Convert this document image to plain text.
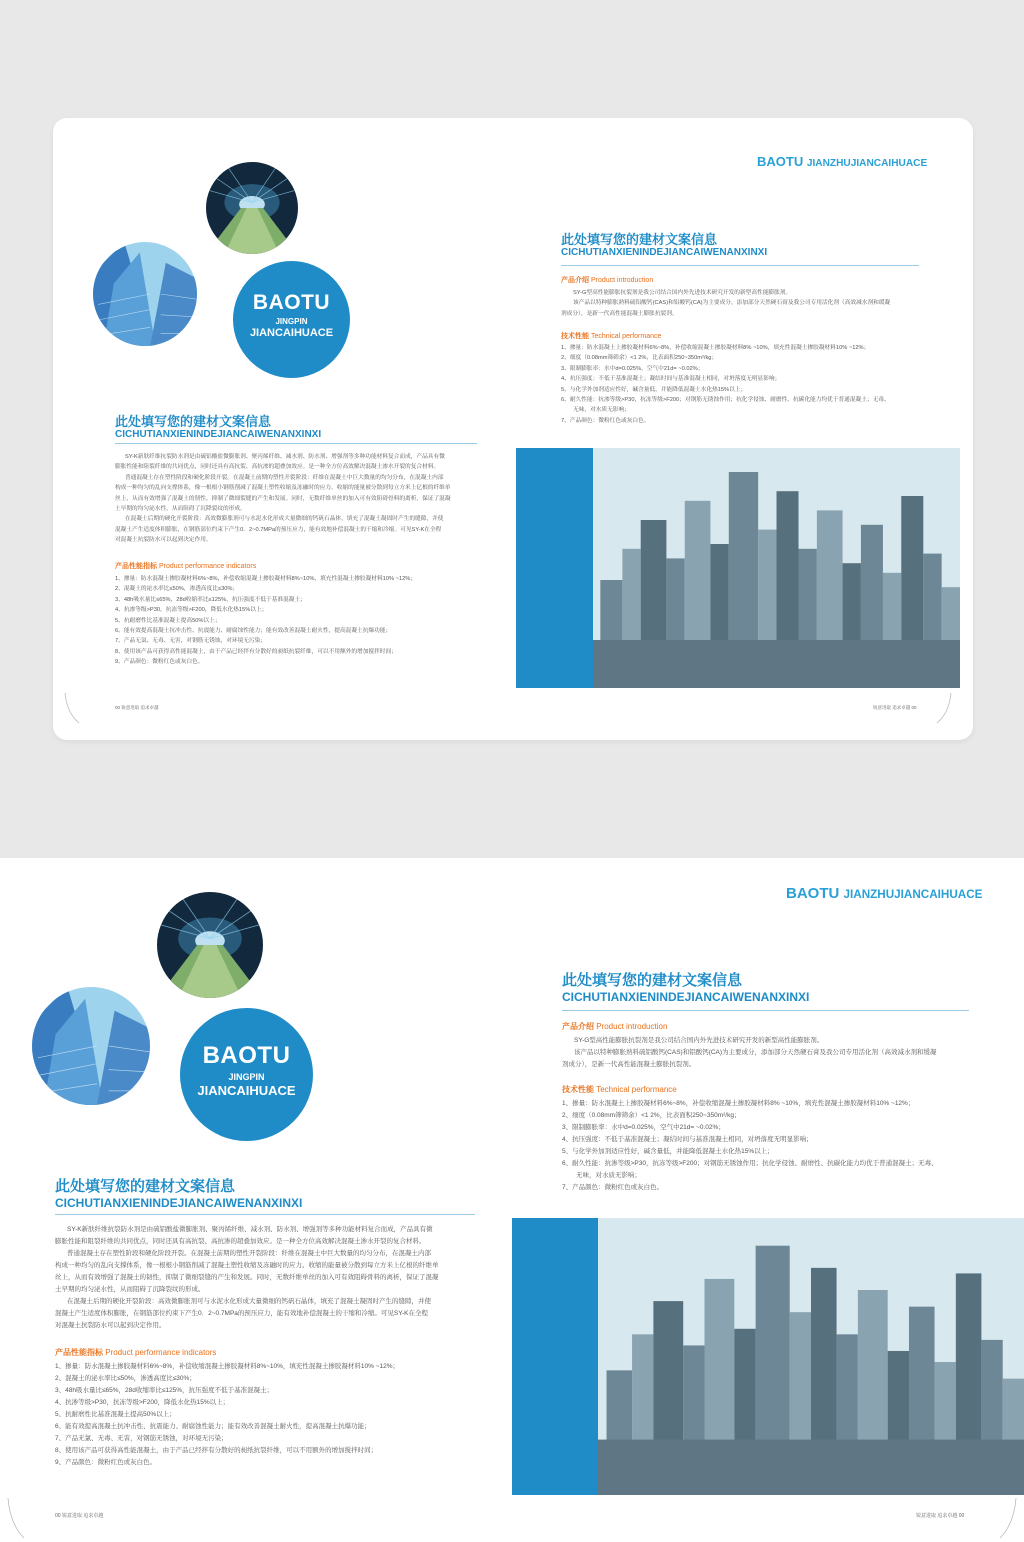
BAOTU JIANZHUJIANCAIHUACE
BAOTU
JINGPIN
JIANCAIHUACE
此处填写您的建材文案信息
CICHUTIANXIENINDEJIANCAIWENANXINXI

SY-K新肤纤维抗裂防水剂是由硫铝酸盐微膨胀剂、聚丙烯纤维、减水剂、防水剂、增强剂等多种功能材料复合而成，产品具有微

膨胀性能和阻裂纤维的共同优点，同时还具有高抗裂、高抗渗的超叠加效应。是一种全方位高效解决混凝土渗水开裂的复合材料。

普通混凝土存在塑性阶段和硬化阶段开裂。在混凝土前期的塑性开裂阶段：纤维在混凝土中巨大数量的均匀分布，在混凝土内部

构成一种均匀的乱向支撑体系，像一根根小钢筋削减了混凝土塑性收缩及冻融时的应力。收缩的能量被分散到每立方米上亿根的纤维单

丝上，从而有效增强了混凝土的韧性，抑制了微细裂缝的产生和发展。同时，无数纤维单丝的加入可有效阻碍骨料的离析，保证了混凝

土早期的均匀泌水性，从而阻碍了沉降裂纹的形成。

在混凝土后期的硬化开裂阶段：高效微膨胀剂可与水泥水化形成大量微细的钙矾石晶体，填充了混凝土凝固时产生的缝隙，并使

混凝土产生适度体积膨胀，在钢筋部位约束下产生0．2~0.7MPa的预压应力，能有效地补偿混凝土的干缩和冷缩。可见SY-K在全程

对混凝土抗裂防水可以起到决定作用。

产品性能指标 Product performance indicators

1、掺量：防水混凝土掺胶凝材料6%~8%，补偿收缩混凝土掺胶凝材料8%~10%，填充性混凝土掺胶凝材料10% ~12%；

2、混凝土的泌水率比≤50%，渗透高度比≤30%；

3、48h吸水量比≤65%，28d收缩率比≤125%，抗压强度不低于基准混凝土；

4、抗渗等级>P30，抗冻等级>F200，降低水化热15%以上；

5、抗耐磨性比基准混凝土提高50%以上；

6、能有效提高混凝土抗冲击性、抗震能力、耐腐蚀性能力；能有效改善混凝土耐火性，提高混凝土抗爆功能；

7、产品无氯、无毒、无害，对钢筋无锈蚀，对环境无污染；

8、使用该产品可获得高性能混凝土，由于产品已经拌有分散好的昶纸抗裂纤维，可以不用额外的增加搅拌时间；

9、产品颜色：微粉红色或灰白色。

00 锐意进取 追求卓越
此处填写您的建材文案信息
CICHUTIANXIENINDEJIANCAIWENANXINXI
产品介绍 Product introduction

SY-G型高性能膨胀抗裂剂是我公司结合国内外先进技术研究开发的新型高性能膨胀剂。

该产品以特种膨胀熟料硫铝酸钙(CAS)和铝酸钙(CA)为主要成分，添加部分天然硬石膏及我公司专用活化剂（高效减水剂和缓凝

剂成分），是新一代高性能混凝土膨胀抗裂剂。

技术性能 Technical performance

1、掺量：防水混凝土上掺胶凝材料6%~8%，补偿收缩混凝土掺胶凝材料8% ~10%，填充性混凝土掺胶凝材料10% ~12%；

2、细度（0.08mm筛筛余）<1 2%，比表面积250~350m²/kg；

3、限制膨胀率：水中d=0.025%，空气中21d= ~0.02%；

4、抗压强度：不低于基准混凝土；凝结时间与基准混凝土相同，对坍落度无明显影响；

5、与化学外加剂适应性好，碱含量低，并能降低混凝土水化热15%以上；

6、耐久性能：抗渗等级>P30，抗冻等级>F200；对钢筋无锈蚀作用；抗化学侵蚀、耐磨性、抗碳化能力均优于普通混凝土；无毒、

无味，对水质无影响；

7、产品颜色：微粉红色或灰白色。

锐意进取 追求卓越 00
BAOTU JIANZHUJIANCAIHUACE
BAOTU
JINGPIN
JIANCAIHUACE
此处填写您的建材文案信息
CICHUTIANXIENINDEJIANCAIWENANXINXI

SY-K新肤纤维抗裂防水剂是由硫铝酸盐微膨胀剂、聚丙烯纤维、减水剂、防水剂、增强剂等多种功能材料复合而成，产品具有微

膨胀性能和阻裂纤维的共同优点，同时还具有高抗裂、高抗渗的超叠加效应。是一种全方位高效解决混凝土渗水开裂的复合材料。

普通混凝土存在塑性阶段和硬化阶段开裂。在混凝土前期的塑性开裂阶段：纤维在混凝土中巨大数量的均匀分布，在混凝土内部

构成一种均匀的乱向支撑体系，像一根根小钢筋削减了混凝土塑性收缩及冻融时的应力。收缩的能量被分散到每立方米上亿根的纤维单

丝上，从而有效增强了混凝土的韧性，抑制了微细裂缝的产生和发展。同时，无数纤维单丝的加入可有效阻碍骨料的离析，保证了混凝

土早期的均匀泌水性，从而阻碍了沉降裂纹的形成。

在混凝土后期的硬化开裂阶段：高效微膨胀剂可与水泥水化形成大量微细的钙矾石晶体，填充了混凝土凝固时产生的缝隙，并使

混凝土产生适度体积膨胀，在钢筋部位约束下产生0．2~0.7MPa的预压应力，能有效地补偿混凝土的干缩和冷缩。可见SY-K在全程

对混凝土抗裂防水可以起到决定作用。

产品性能指标 Product performance indicators

1、掺量：防水混凝土掺胶凝材料6%~8%，补偿收缩混凝土掺胶凝材料8%~10%，填充性混凝土掺胶凝材料10% ~12%；

2、混凝土的泌水率比≤50%，渗透高度比≤30%；

3、48h吸水量比≤65%，28d收缩率比≤125%，抗压强度不低于基准混凝土；

4、抗渗等级>P30，抗冻等级>F200，降低水化热15%以上；

5、抗耐磨性比基准混凝土提高50%以上；

6、能有效提高混凝土抗冲击性、抗震能力、耐腐蚀性能力；能有效改善混凝土耐火性，提高混凝土抗爆功能；

7、产品无氯、无毒、无害，对钢筋无锈蚀，对环境无污染；

8、使用该产品可获得高性能混凝土，由于产品已经拌有分散好的昶纸抗裂纤维，可以不用额外的增加搅拌时间；

9、产品颜色：微粉红色或灰白色。

00 锐意进取 追求卓越
此处填写您的建材文案信息
CICHUTIANXIENINDEJIANCAIWENANXINXI
产品介绍 Product introduction

SY-G型高性能膨胀抗裂剂是我公司结合国内外先进技术研究开发的新型高性能膨胀剂。

该产品以特种膨胀熟料硫铝酸钙(CAS)和铝酸钙(CA)为主要成分，添加部分天然硬石膏及我公司专用活化剂（高效减水剂和缓凝

剂成分），是新一代高性能混凝土膨胀抗裂剂。

技术性能 Technical performance

1、掺量：防水混凝土上掺胶凝材料6%~8%，补偿收缩混凝土掺胶凝材料8% ~10%，填充性混凝土掺胶凝材料10% ~12%；

2、细度（0.08mm筛筛余）<1 2%，比表面积250~350m²/kg；

3、限制膨胀率：水中d=0.025%，空气中21d= ~0.02%；

4、抗压强度：不低于基准混凝土；凝结时间与基准混凝土相同，对坍落度无明显影响；

5、与化学外加剂适应性好，碱含量低，并能降低混凝土水化热15%以上；

6、耐久性能：抗渗等级>P30，抗冻等级>F200；对钢筋无锈蚀作用；抗化学侵蚀、耐磨性、抗碳化能力均优于普通混凝土；无毒、

无味，对水质无影响；

7、产品颜色：微粉红色或灰白色。

锐意进取 追求卓越 00
